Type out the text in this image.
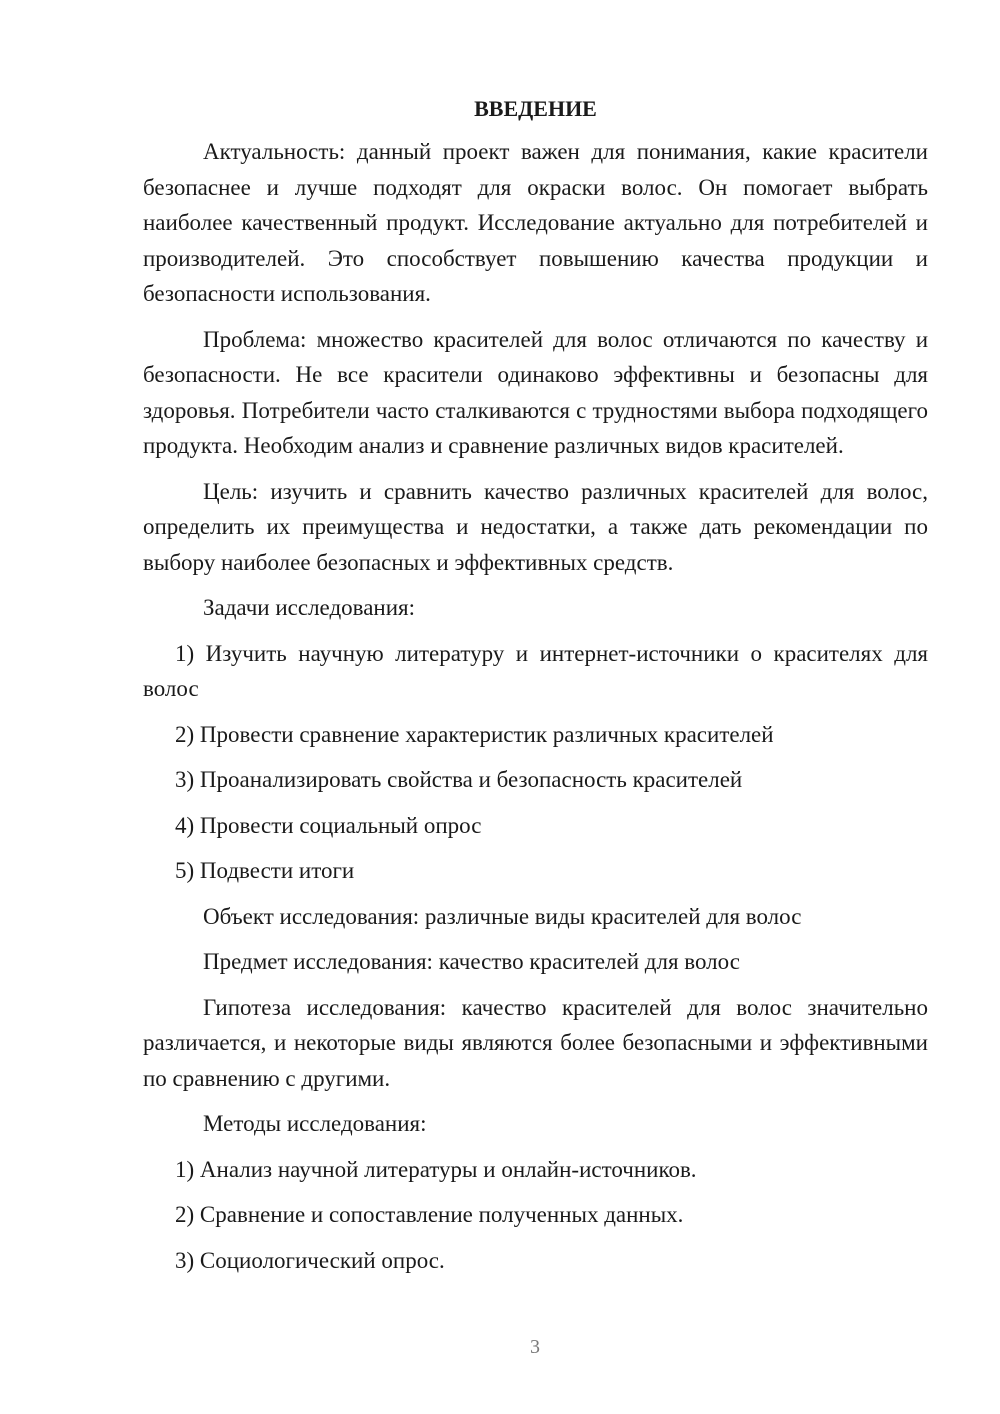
ВВЕДЕНИЕ

Актуальность: данный проект важен для понимания, какие красители безопаснее и лучше подходят для окраски волос. Он помогает выбрать наиболее качественный продукт. Исследование актуально для потребителей и производителей. Это способствует повышению качества продукции и безопасности использования.

Проблема: множество красителей для волос отличаются по качеству и безопасности. Не все красители одинаково эффективны и безопасны для здоровья. Потребители часто сталкиваются с трудностями выбора подходящего продукта. Необходим анализ и сравнение различных видов красителей.

Цель: изучить и сравнить качество различных красителей для волос, определить их преимущества и недостатки, а также дать рекомендации по выбору наиболее безопасных и эффективных средств.

Задачи исследования:

1) Изучить научную литературу и интернет-источники о красителях для волос

2) Провести сравнение характеристик различных красителей

3) Проанализировать свойства и безопасность красителей

4) Провести социальный опрос

5) Подвести итоги

Объект исследования: различные виды красителей для волос

Предмет исследования: качество красителей для волос

Гипотеза исследования: качество красителей для волос значительно различается, и некоторые виды являются более безопасными и эффективными по сравнению с другими.

Методы исследования:

1) Анализ научной литературы и онлайн-источников.

2) Сравнение и сопоставление полученных данных.

3) Социологический опрос.

3
